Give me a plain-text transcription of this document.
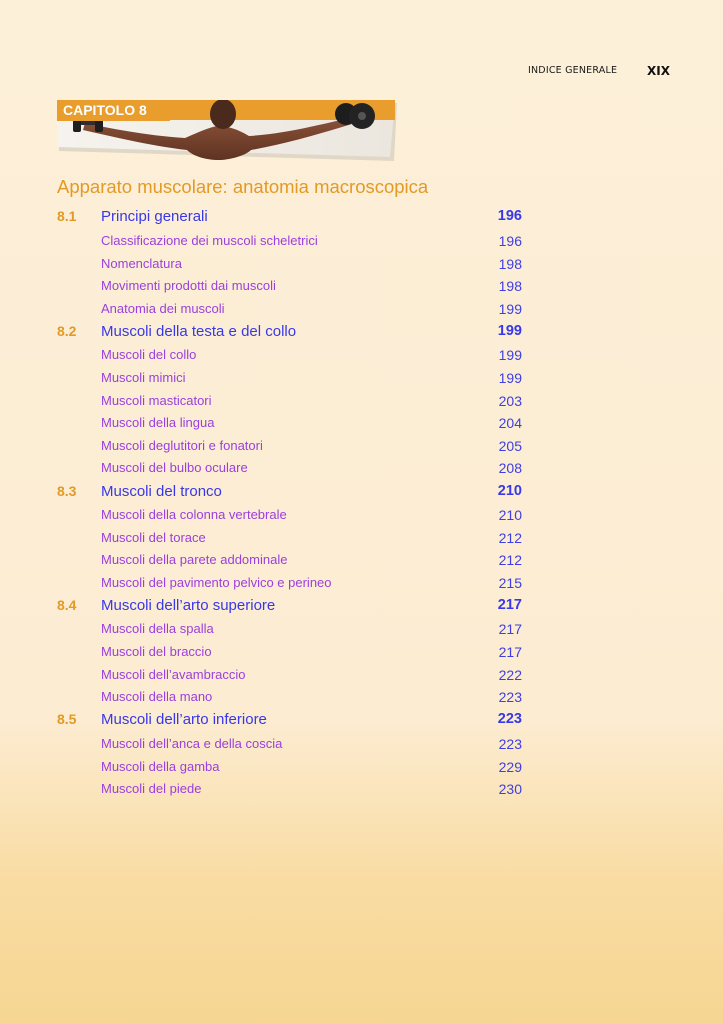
INDICE GENERALE XIX
CAPITOLO 8
Apparato muscolare: anatomia macroscopica
8.1 Principi generali	196
Classificazione dei muscoli scheletrici	196
Nomenclatura	198
Movimenti prodotti dai muscoli	198
Anatomia dei muscoli	199
8.2 Muscoli della testa e del collo	199
Muscoli del collo	199
Muscoli mimici	199
Muscoli masticatori	203
Muscoli della lingua	204
Muscoli deglutitori e fonatori	205
Muscoli del bulbo oculare	208
8.3 Muscoli del tronco	210
Muscoli della colonna vertebrale	210
Muscoli del torace	212
Muscoli della parete addominale	212
Muscoli del pavimento pelvico e perineo	215
8.4 Muscoli dell’arto superiore	217
Muscoli della spalla	217
Muscoli del braccio	217
Muscoli dell’avambraccio	222
Muscoli della mano	223
8.5 Muscoli dell’arto inferiore	223
Muscoli dell’anca e della coscia	223
Muscoli della gamba	229
Muscoli del piede	230
